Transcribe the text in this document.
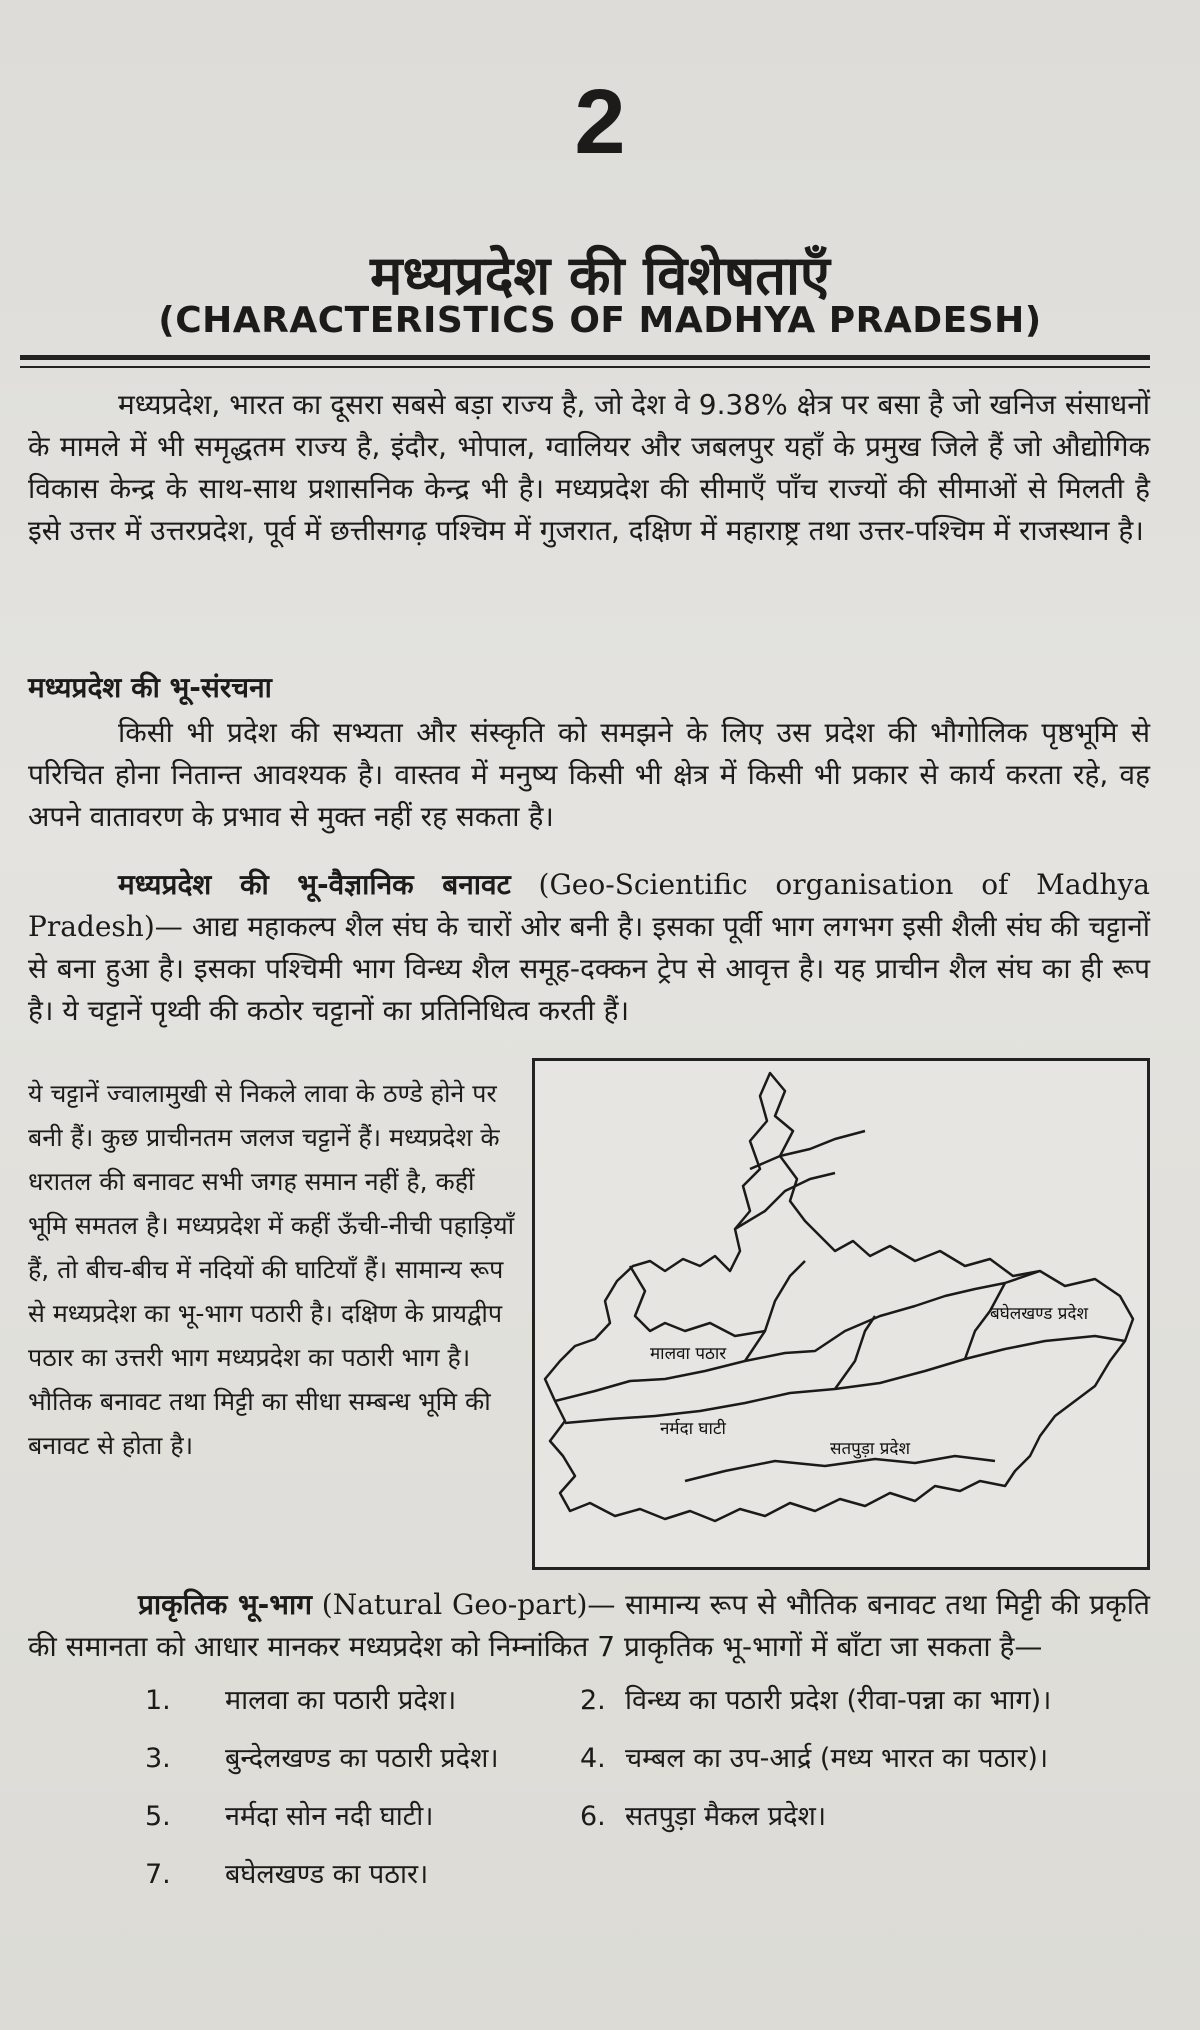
2
मध्यप्रदेश की विशेषताएँ
(CHARACTERISTICS OF MADHYA PRADESH)

मध्यप्रदेश, भारत का दूसरा सबसे बड़ा राज्य है, जो देश वे 9.38% क्षेत्र पर बसा है जो खनिज संसाधनों के मामले में भी समृद्धतम राज्य है, इंदौर, भोपाल, ग्वालियर और जबलपुर यहाँ के प्रमुख जिले हैं जो औद्योगिक विकास केन्द्र के साथ-साथ प्रशासनिक केन्द्र भी है। मध्यप्रदेश की सीमाएँ पाँच राज्यों की सीमाओं से मिलती है इसे उत्तर में उत्तरप्रदेश, पूर्व में छत्तीसगढ़ पश्चिम में गुजरात, दक्षिण में महाराष्ट्र तथा उत्तर-पश्चिम में राजस्थान है।

मध्यप्रदेश की भू-संरचना

किसी भी प्रदेश की सभ्यता और संस्कृति को समझने के लिए उस प्रदेश की भौगोलिक पृष्ठभूमि से परिचित होना नितान्त आवश्यक है। वास्तव में मनुष्य किसी भी क्षेत्र में किसी भी प्रकार से कार्य करता रहे, वह अपने वातावरण के प्रभाव से मुक्त नहीं रह सकता है।

मध्यप्रदेश की भू-वैज्ञानिक बनावट (Geo-Scientific organisation of Madhya Pradesh)— आद्य महाकल्प शैल संघ के चारों ओर बनी है। इसका पूर्वी भाग लगभग इसी शैली संघ की चट्टानों से बना हुआ है। इसका पश्चिमी भाग विन्ध्य शैल समूह-दक्कन ट्रेप से आवृत्त है। यह प्राचीन शैल संघ का ही रूप है। ये चट्टानें पृथ्वी की कठोर चट्टानों का प्रतिनिधित्व करती हैं।

ये चट्टानें ज्वालामुखी से निकले लावा के ठण्डे होने पर बनी हैं। कुछ प्राचीनतम जलज चट्टानें हैं। मध्यप्रदेश के धरातल की बनावट सभी जगह समान नहीं है, कहीं भूमि समतल है। मध्यप्रदेश में कहीं ऊँची-नीची पहाड़ियाँ हैं, तो बीच-बीच में नदियों की घाटियाँ हैं। सामान्य रूप से मध्यप्रदेश का भू-भाग पठारी है। दक्षिण के प्रायद्वीप पठार का उत्तरी भाग मध्यप्रदेश का पठारी भाग है। भौतिक बनावट तथा मिट्टी का सीधा सम्बन्ध भूमि की बनावट से होता है।

मालवा पठार
बघेलखण्ड प्रदेश
नर्मदा घाटी
सतपुड़ा प्रदेश

प्राकृतिक भू-भाग (Natural Geo-part)— सामान्य रूप से भौतिक बनावट तथा मिट्टी की प्रकृति की समानता को आधार मानकर मध्यप्रदेश को निम्नांकित 7 प्राकृतिक भू-भागों में बाँटा जा सकता है—

1. मालवा का पठारी प्रदेश।	2. विन्ध्य का पठारी प्रदेश (रीवा-पन्ना का भाग)।
3. बुन्देलखण्ड का पठारी प्रदेश।	4. चम्बल का उप-आर्द्र (मध्य भारत का पठार)।
5. नर्मदा सोन नदी घाटी।	6. सतपुड़ा मैकल प्रदेश।
7. बघेलखण्ड का पठार।
